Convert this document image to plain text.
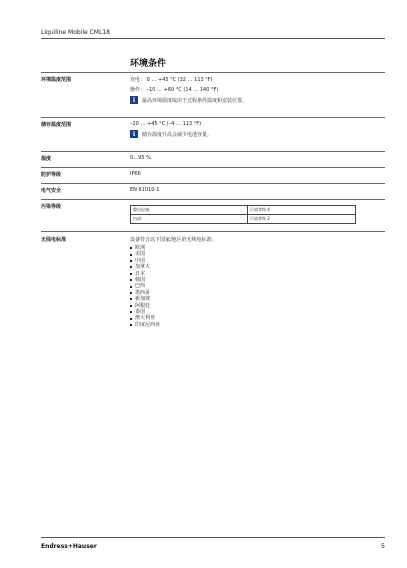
Liquiline Mobile CML18
环境条件
环境温度范围	充电： 0 … +45 °C (32 … 113 °F)
操作： –10 … +60 °C (14 … 140 °F)
i	最高环境温度取决于过程条件温度和安装位置。
储存温度范围	–20 … +45 °C (–4 … 113 °F)
i	储存温度升高会减少电池容量。
湿度	0…95 %
防护等级	IP66
电气安全	EN 61010-1
污染等级	整台设备:	污染等级 4
内部:	污染等级 2
无线电标准	设备符合以下国家/地区的无线电标准：
欧洲
美国
中国
加拿大
日本
韩国
巴西
墨西哥
新加坡
阿根廷
泰国
澳大利亚
印度尼西亚
Endress+Hauser	5
